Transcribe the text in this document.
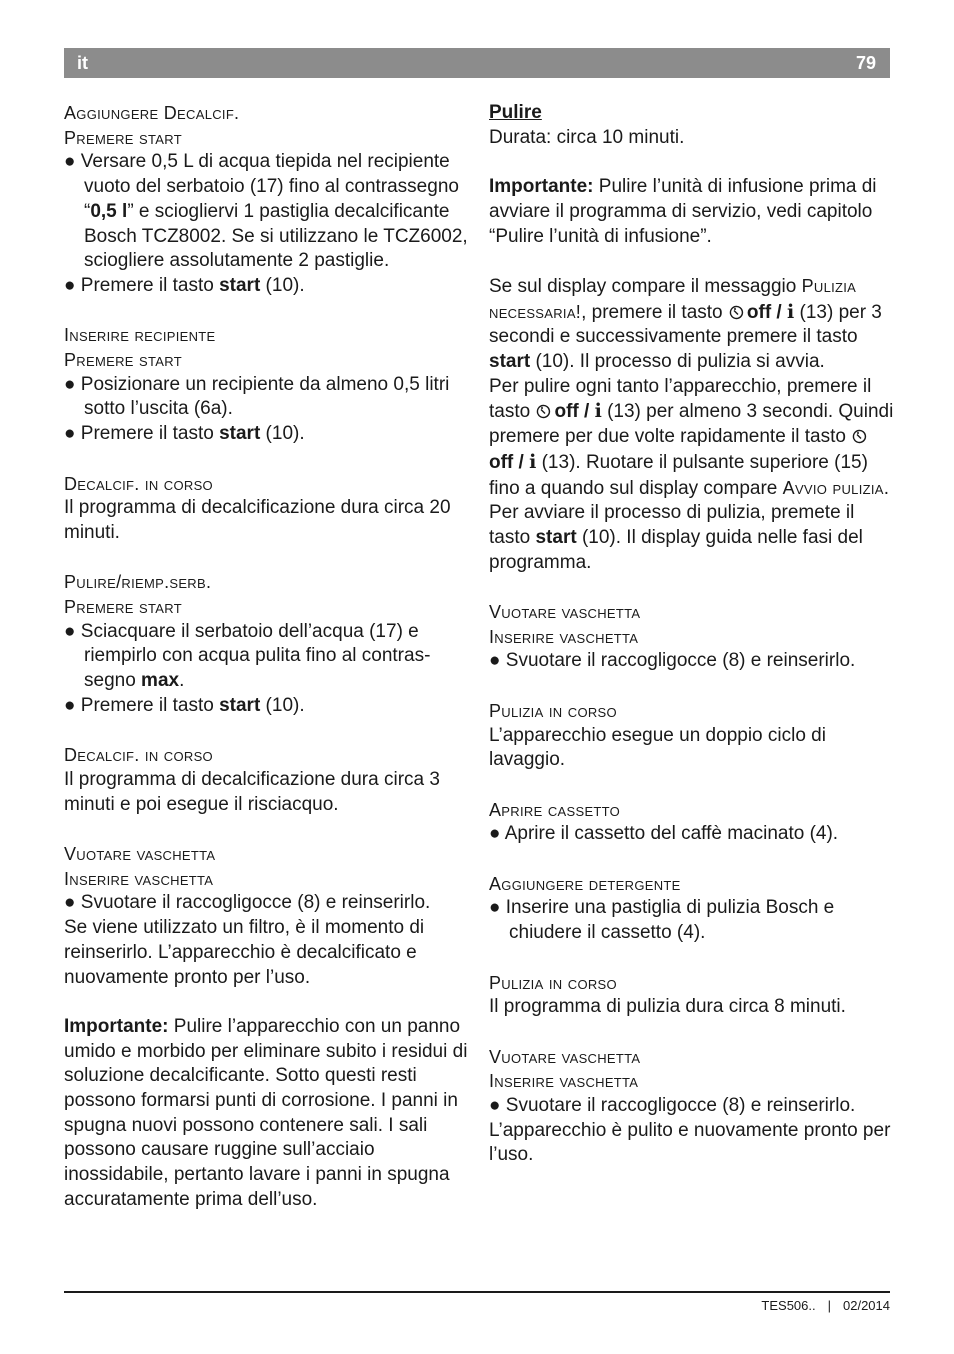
it	79
Aggiungere Decalcif.
Premere start
● Versare 0,5 L di acqua tiepida nel recipiente vuoto del serbatoio (17) fino al contrassegno “0,5 l” e sciogliervi 1 pastiglia decalcificante Bosch TCZ8002. Se si utilizzano le TCZ6002, sciogliere assolutamente 2 pastiglie.
● Premere il tasto start (10).
Inserire recipiente
Premere start
● Posizionare un recipiente da almeno 0,5 litri sotto l’uscita (6a).
● Premere il tasto start (10).
Decalcif. in corso
Il programma di decalcificazione dura circa 20 minuti.
Pulire/riemp.serb.
Premere start
● Sciacquare il serbatoio dell’acqua (17) e riempirlo con acqua pulita fino al contrassegno max.
● Premere il tasto start (10).
Decalcif. in corso
Il programma di decalcificazione dura circa 3 minuti e poi esegue il risciacquo.
Vuotare vaschetta
Inserire vaschetta
● Svuotare il raccogligocce (8) e reinserirlo.
Se viene utilizzato un filtro, è il momento di reinserirlo. L’apparecchio è decalcificato e nuovamente pronto per l’uso.
Importante: Pulire l’apparecchio con un panno umido e morbido per eliminare subito i residui di soluzione decalcificante. Sotto questi resti possono formarsi punti di corrosione. I panni in spugna nuovi possono contenere sali. I sali possono causare ruggine sull’acciaio inossidabile, pertanto lavare i panni in spugna accuratamente prima dell’uso.
Pulire
Durata: circa 10 minuti.
Importante: Pulire l’unità di infusione prima di avviare il programma di servizio, vedi capitolo “Pulire l’unità di infusione”.
Se sul display compare il messaggio Pulizia necessaria!, premere il tasto off / i (13) per 3 secondi e successivamente premere il tasto start (10). Il processo di pulizia si avvia.
Per pulire ogni tanto l’apparecchio, premere il tasto off / i (13) per almeno 3 secondi. Quindi premere per due volte rapidamente il tasto off / i (13). Ruotare il pulsante superiore (15) fino a quando sul display compare Avvio pulizia. Per avviare il processo di pulizia, premete il tasto start (10). Il display guida nelle fasi del programma.
Vuotare vaschetta
Inserire vaschetta
● Svuotare il raccogligocce (8) e reinserirlo.
Pulizia in corso
L’apparecchio esegue un doppio ciclo di lavaggio.
Aprire cassetto
● Aprire il cassetto del caffè macinato (4).
Aggiungere detergente
● Inserire una pastiglia di pulizia Bosch e chiudere il cassetto (4).
Pulizia in corso
Il programma di pulizia dura circa 8 minuti.
Vuotare vaschetta
Inserire vaschetta
● Svuotare il raccogligocce (8) e reinserirlo.
L’apparecchio è pulito e nuovamente pronto per l’uso.
TES506.. | 02/2014
